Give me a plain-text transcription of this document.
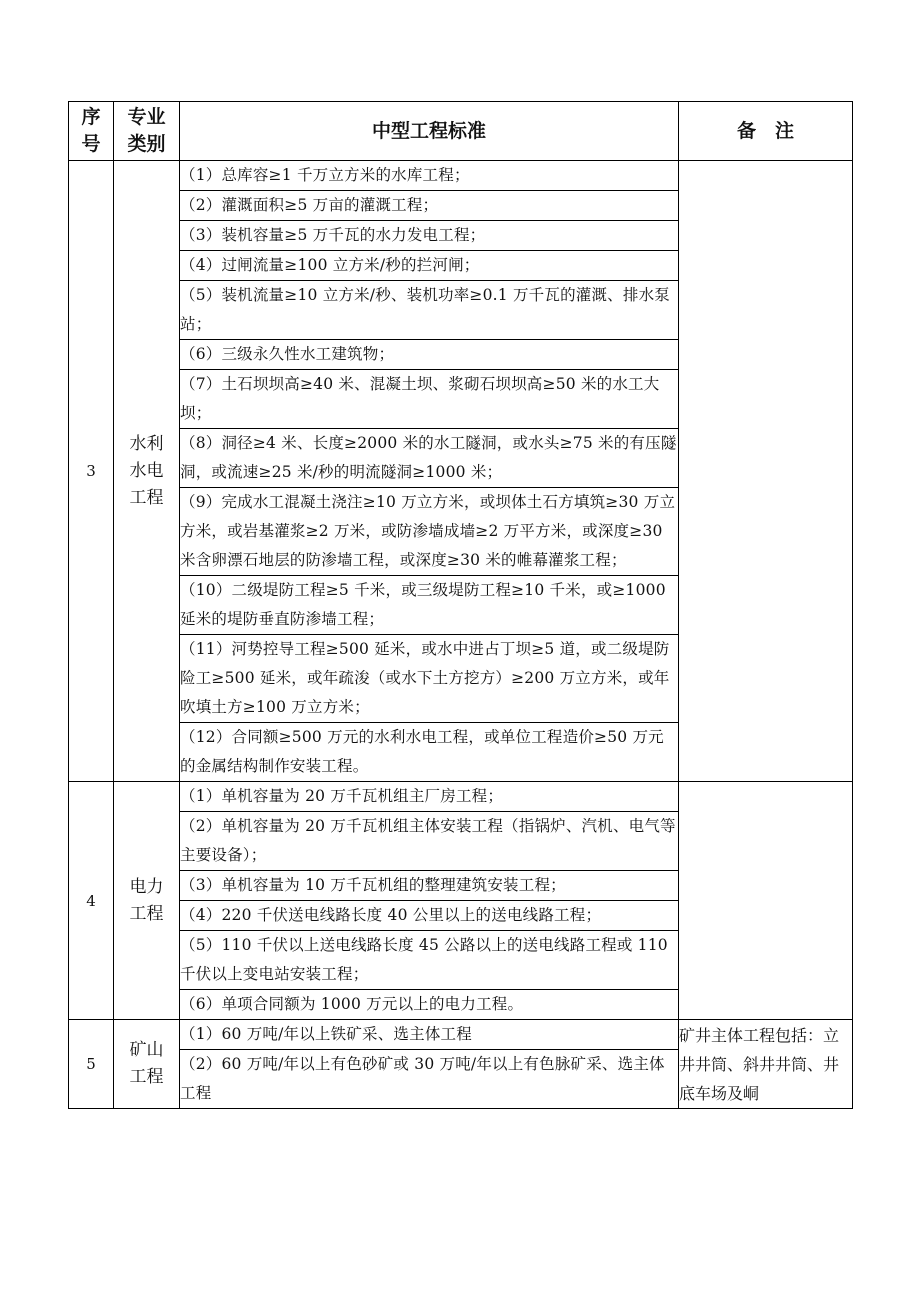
序号	专业类别	中型工程标准	备　注
3	水利水电工程	（1）总库容≥1 千万立方米的水库工程；	
		（2）灌溉面积≥5 万亩的灌溉工程；	
		（3）装机容量≥5 万千瓦的水力发电工程；	
		（4）过闸流量≥100 立方米/秒的拦河闸；	
		（5）装机流量≥10 立方米/秒、装机功率≥0.1 万千瓦的灌溉、排水泵站；	
		（6）三级永久性水工建筑物；	
		（7）土石坝坝高≥40 米、混凝土坝、浆砌石坝坝高≥50 米的水工大坝；	
		（8）洞径≥4 米、长度≥2000 米的水工隧洞，或水头≥75 米的有压隧洞，或流速≥25 米/秒的明流隧洞≥1000 米；	
		（9）完成水工混凝土浇注≥10 万立方米，或坝体土石方填筑≥30 万立方米，或岩基灌浆≥2 万米，或防渗墙成墙≥2 万平方米，或深度≥30 米含卵漂石地层的防渗墙工程，或深度≥30 米的帷幕灌浆工程；	
		（10）二级堤防工程≥5 千米，或三级堤防工程≥10 千米，或≥1000 延米的堤防垂直防渗墙工程；	
		（11）河势控导工程≥500 延米，或水中进占丁坝≥5 道，或二级堤防险工≥500 延米，或年疏浚（或水下土方挖方）≥200 万立方米，或年吹填土方≥100 万立方米；	
		（12）合同额≥500 万元的水利水电工程，或单位工程造价≥50 万元的金属结构制作安装工程。	
4	电力工程	（1）单机容量为 20 万千瓦机组主厂房工程；	
		（2）单机容量为 20 万千瓦机组主体安装工程（指锅炉、汽机、电气等主要设备）；	
		（3）单机容量为 10 万千瓦机组的整理建筑安装工程；	
		（4）220 千伏送电线路长度 40 公里以上的送电线路工程；	
		（5）110 千伏以上送电线路长度 45 公路以上的送电线路工程或 110 千伏以上变电站安装工程；	
		（6）单项合同额为 1000 万元以上的电力工程。	
5	矿山工程	（1）60 万吨/年以上铁矿采、选主体工程	矿井主体工程包括：立井井筒、斜井井筒、井底车场及峒
		（2）60 万吨/年以上有色砂矿或 30 万吨/年以上有色脉矿采、选主体工程	
